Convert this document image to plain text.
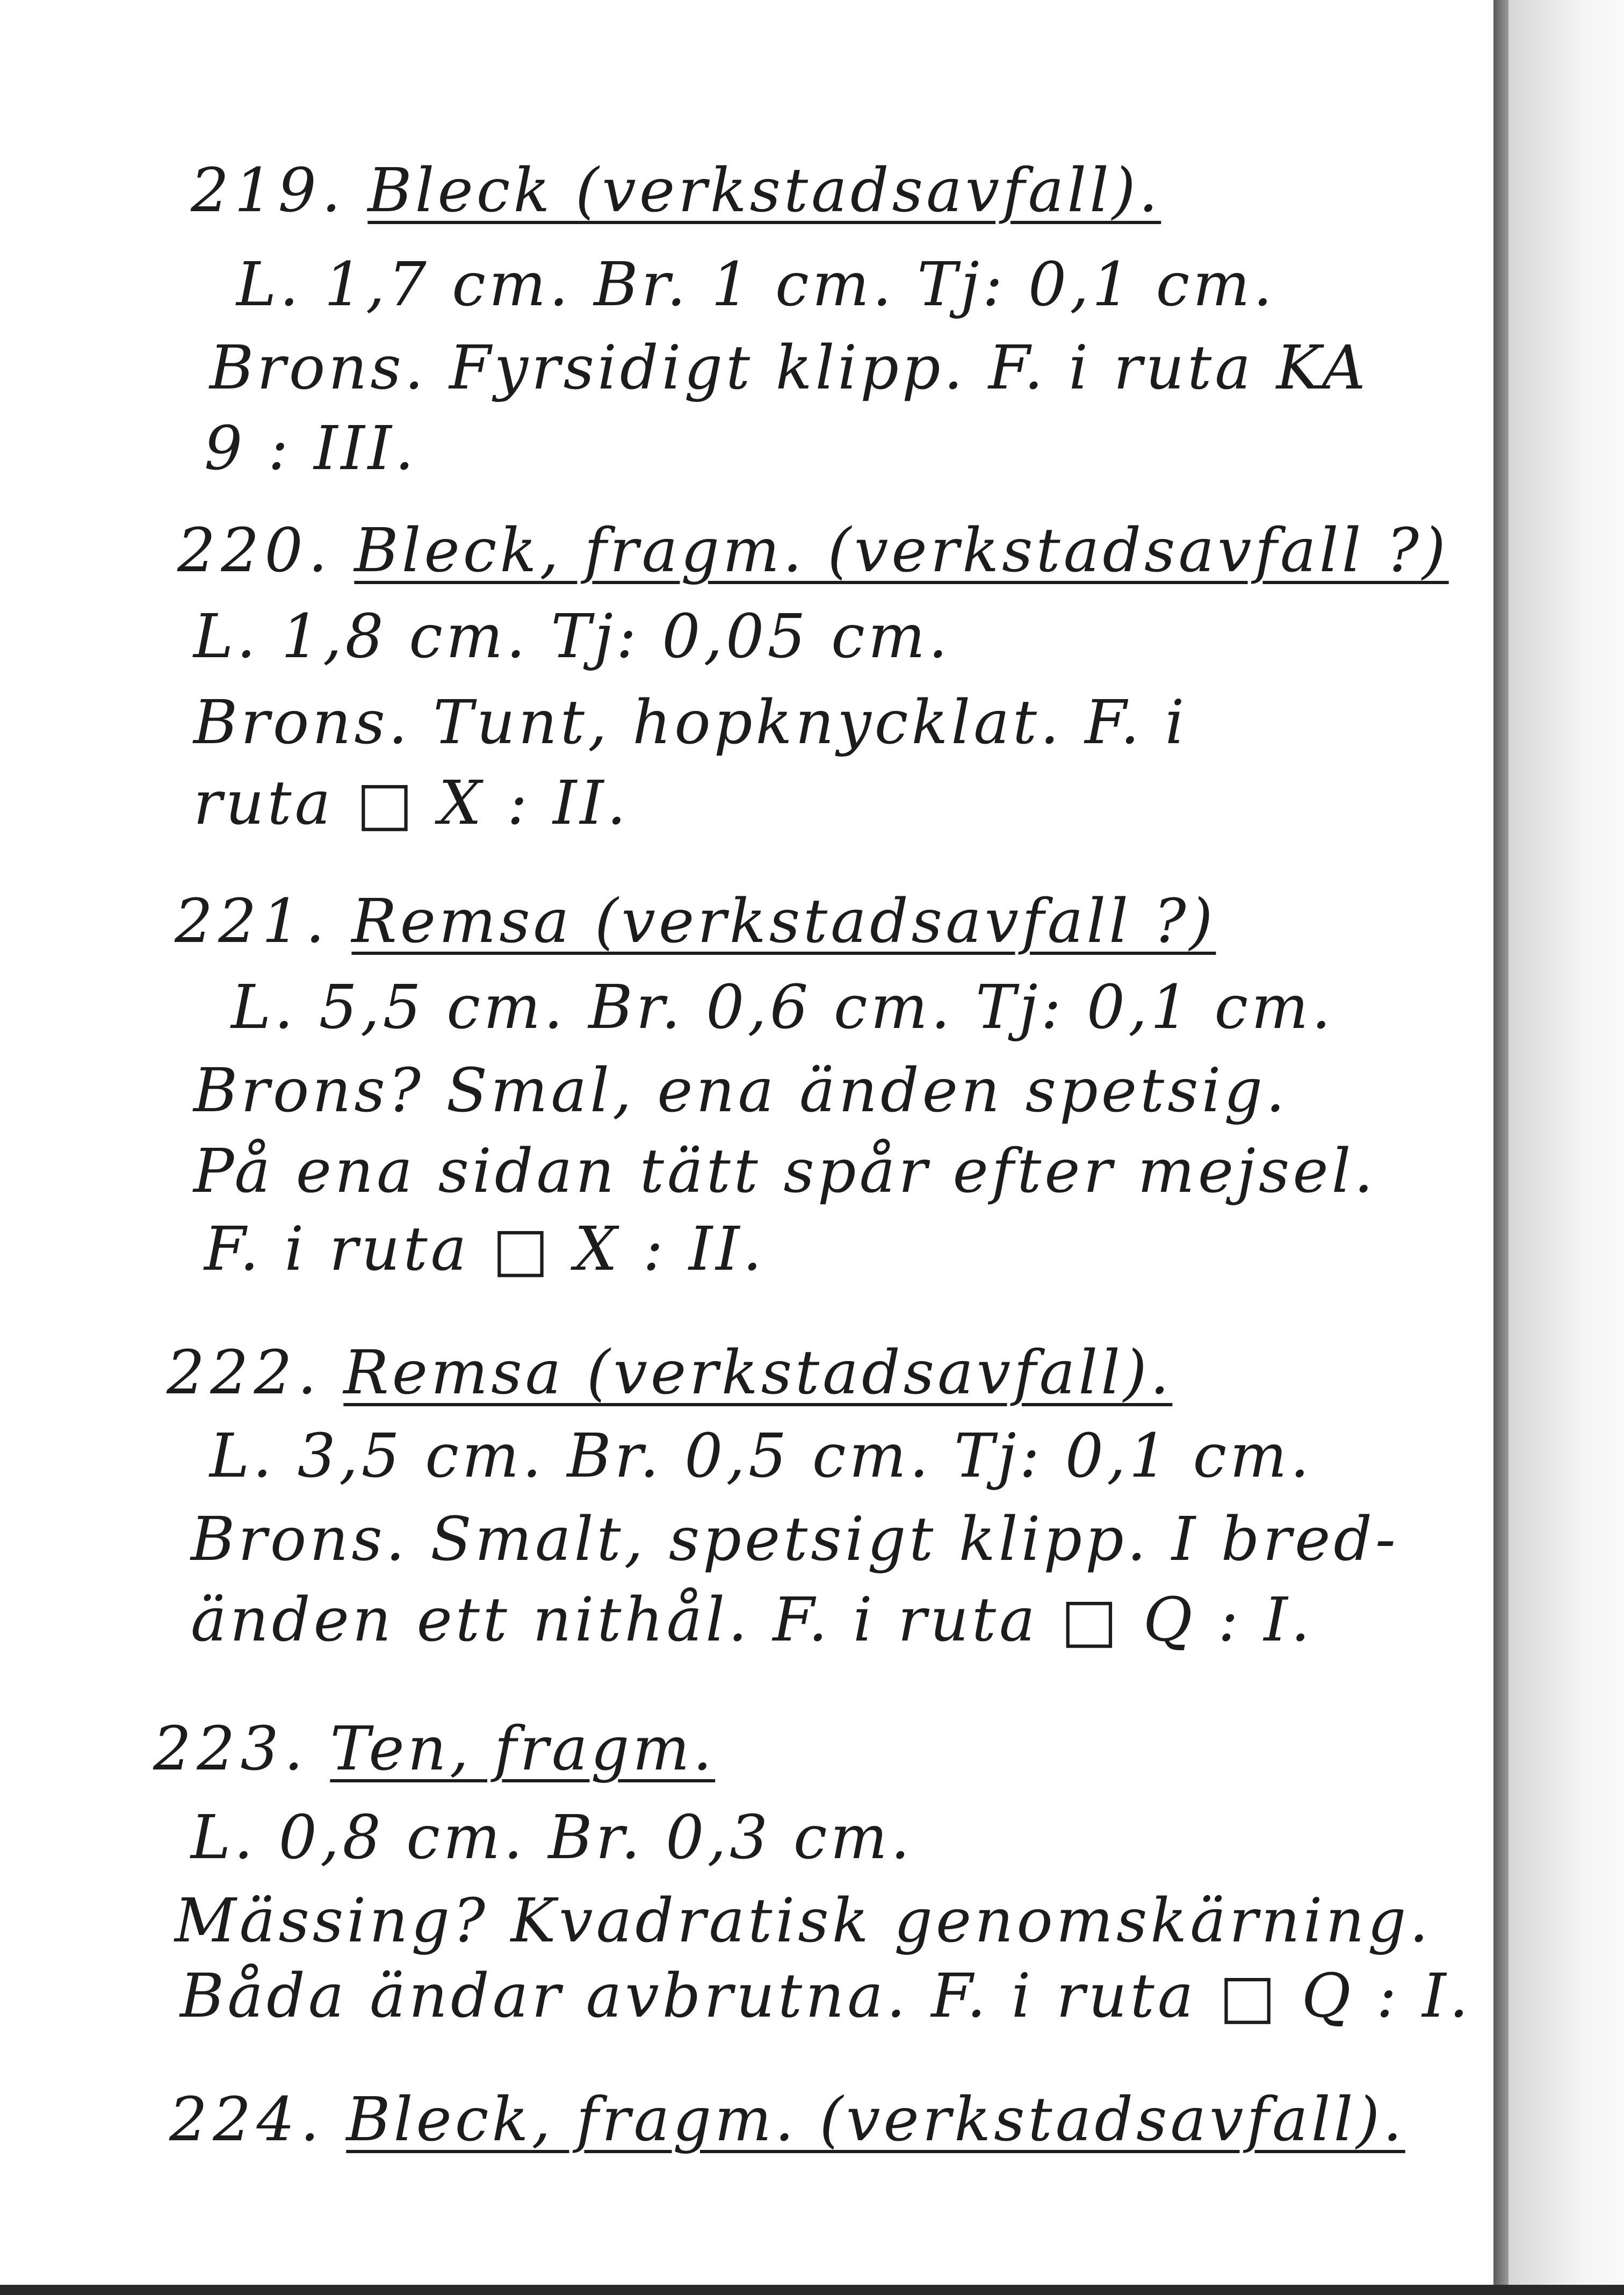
219. Bleck (verkstadsavfall).
L. 1,7 cm. Br. 1 cm. Tj: 0,1 cm.
Brons. Fyrsidigt klipp. F. i ruta KA
9 : III.
220. Bleck, fragm. (verkstadsavfall ?)
L. 1,8 cm. Tj: 0,05 cm.
Brons. Tunt, hopknycklat. F. i
ruta □ X : II.
221. Remsa (verkstadsavfall ?)
L. 5,5 cm. Br. 0,6 cm. Tj: 0,1 cm.
Brons? Smal, ena änden spetsig.
På ena sidan tätt spår efter mejsel.
F. i ruta □ X : II.
222. Remsa (verkstadsavfall).
L. 3,5 cm. Br. 0,5 cm. Tj: 0,1 cm.
Brons. Smalt, spetsigt klipp. I bred-
änden ett nithål. F. i ruta □ Q : I.
223. Ten, fragm.
L. 0,8 cm. Br. 0,3 cm.
Mässing? Kvadratisk genomskärning.
Båda ändar avbrutna. F. i ruta □ Q : I.
224. Bleck, fragm. (verkstadsavfall).
